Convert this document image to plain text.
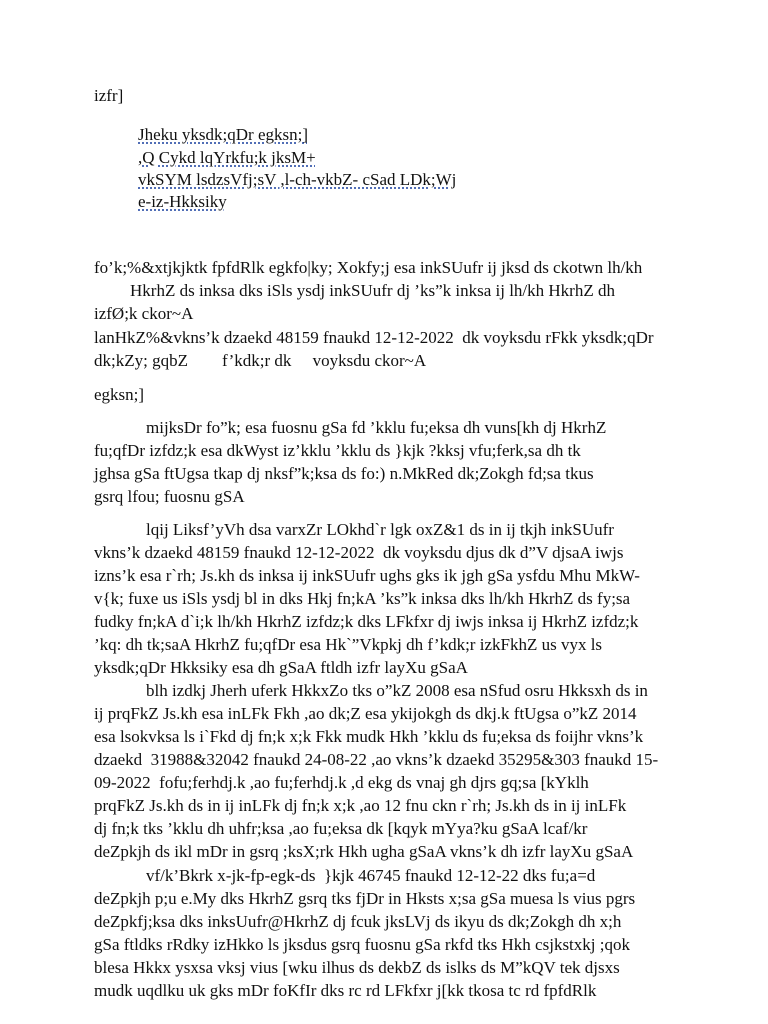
izfr]
Jheku yksdk;qDr egksn;]
,Q Cykd lqYrkfu;k jksM+
vkSYM lsdzsVfj;sV ,l-ch-vkbZ- cSad LDk;Wj
e-iz-Hkksiky
fo’k;%&xtjkjktk fpfdRlk egkfo|ky; Xokfy;j esa inkSUufr ij jksd ds ckotwn lh/kh
HkrhZ ds inksa dks iSls ysdj inkSUufr dj ’ks”k inksa ij lh/kh HkrhZ dh
izfØ;k ckor~A
lanHkZ%&vkns’k dzaekd 48159 fnaukd 12-12-2022  dk voyksdu rFkk yksdk;qDr
dk;kZy; gqbZ        f’kdk;r dk     voyksdu ckor~A
egksn;]
mijksDr fo”k; esa fuosnu gSa fd ’kklu fu;eksa dh vuns[kh dj HkrhZ
fu;qfDr izfdz;k esa dkWyst iz’kklu ’kklu ds }kjk ?kksj vfu;ferk,sa dh tk
jghsa gSa ftUgsa tkap dj nksf”k;ksa ds fo:) n.MkRed dk;Zokgh fd;sa tkus
gsrq lfou; fuosnu gSA
lqij Liksf’yVh dsa varxZr LOkhd`r lgk oxZ&1 ds in ij tkjh inkSUufr
vkns’k dzaekd 48159 fnaukd 12-12-2022  dk voyksdu djus dk d”V djsaA iwjs
izns’k esa r`rh; Js.kh ds inksa ij inkSUufr ughs gks ik jgh gSa ysfdu Mhu MkW-
v{k; fuxe us iSls ysdj bl in dks Hkj fn;kA ’ks”k inksa dks lh/kh HkrhZ ds fy;sa
fudky fn;kA d`i;k lh/kh HkrhZ izfdz;k dks LFkfxr dj iwjs inksa ij HkrhZ izfdz;k
’kq: dh tk;saA HkrhZ fu;qfDr esa Hk`”Vkpkj dh f’kdk;r izkFkhZ us vyx ls
yksdk;qDr Hkksiky esa dh gSaA ftldh izfr layXu gSaA
blh izdkj Jherh uferk HkkxZo tks o”kZ 2008 esa nSfud osru Hkksxh ds in
ij prqFkZ Js.kh esa inLFk Fkh ,ao dk;Z esa ykijokgh ds dkj.k ftUgsa o”kZ 2014
esa lsokvksa ls i`Fkd dj fn;k x;k Fkk mudk Hkh ’kklu ds fu;eksa ds foijhr vkns’k
dzaekd  31988&32042 fnaukd 24-08-22 ,ao vkns’k dzaekd 35295&303 fnaukd 15-
09-2022  fofu;ferhdj.k ,ao fu;ferhdj.k ,d ekg ds vnaj gh djrs gq;sa [kYklh
prqFkZ Js.kh ds in ij inLFk dj fn;k x;k ,ao 12 fnu ckn r`rh; Js.kh ds in ij inLFk
dj fn;k tks ’kklu dh uhfr;ksa ,ao fu;eksa dk [kqyk mYya?ku gSaA lcaf/kr
deZpkjh ds ikl mDr in gsrq ;ksX;rk Hkh ugha gSaA vkns’k dh izfr layXu gSaA
vf/k’Bkrk x-jk-fp-egk-ds  }kjk 46745 fnaukd 12-12-22 dks fu;a=d
deZpkjh p;u e.My dks HkrhZ gsrq tks fjDr in Hksts x;sa gSa muesa ls vius pgrs
deZpkfj;ksa dks inksUufr@HkrhZ dj fcuk jksLVj ds ikyu ds dk;Zokgh dh x;h
gSa ftldks rRdky izHkko ls jksdus gsrq fuosnu gSa rkfd tks Hkh csjkstxkj ;qok
blesa Hkkx ysxsa vksj vius [wku ilhus ds dekbZ ds islks ds M”kQV tek djsxs
mudk uqdlku uk gks mDr foKfIr dks rc rd LFkfxr j[kk tkosa tc rd fpfdRlk
